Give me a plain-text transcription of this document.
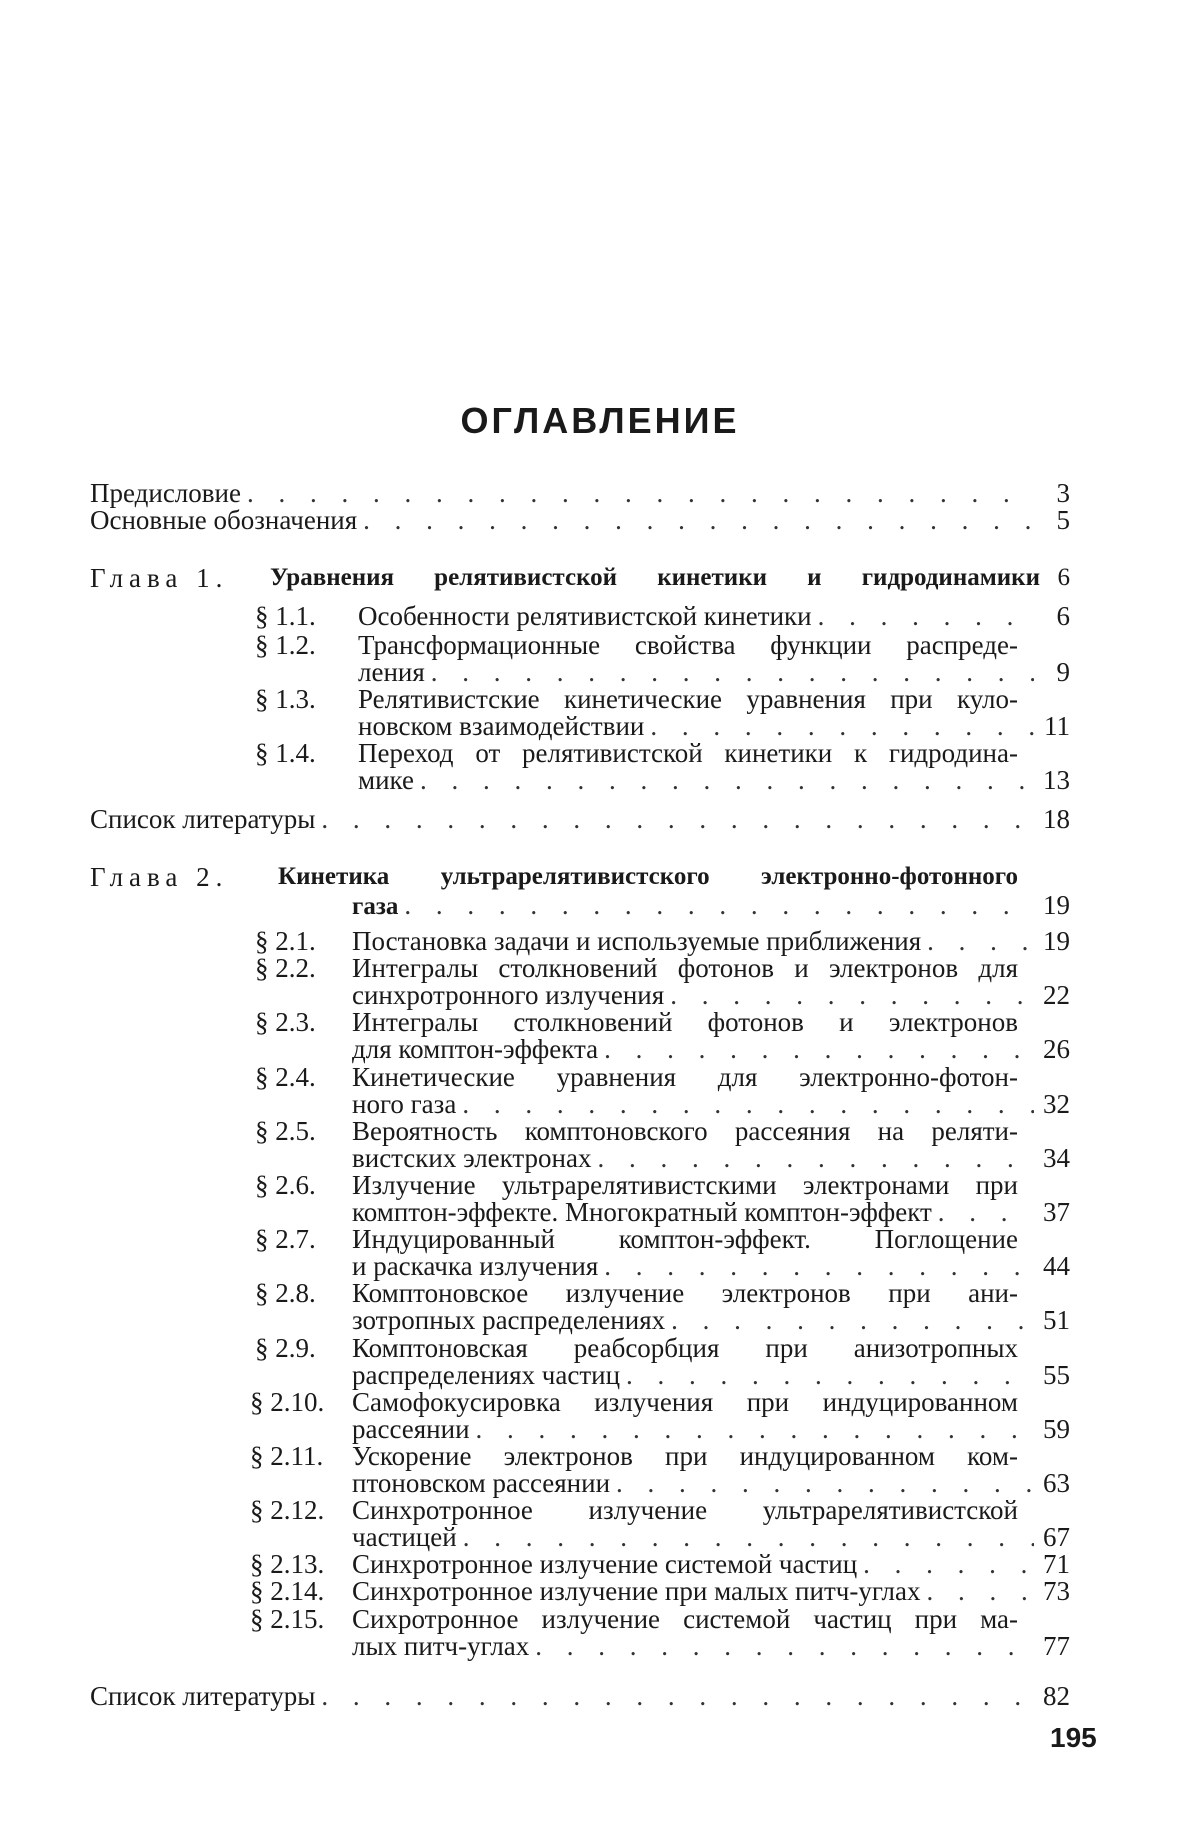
ОГЛАВЛЕНИЕ
Предисловие . . .	3
Основные обозначения . . .	5
Глава 1. Уравнения релятивистской кинетики и гидродинамики 6
§ 1.1. Особенности релятивистской кинетики . . .	6
§ 1.2. Трансформационные свойства функции распреде-
ления . . .	9
§ 1.3. Релятивистские кинетические уравнения при куло-
новском взаимодействии . . .	11
§ 1.4. Переход от релятивистской кинетики к гидродина-
мике . . .	13
Список литературы . . .	18
Глава 2. Кинетика ультрарелятивистского электронно-фотонного
газа . . .	19
§ 2.1. Постановка задачи и используемые приближения . . .	19
§ 2.2. Интегралы столкновений фотонов и электронов для
синхротронного излучения . . .	22
§ 2.3. Интегралы столкновений фотонов и электронов
для комптон-эффекта . . .	26
§ 2.4. Кинетические уравнения для электронно-фотон-
ного газа . . .	32
§ 2.5. Вероятность комптоновского рассеяния на реляти-
вистских электронах . . .	34
§ 2.6. Излучение ультрарелятивистскими электронами при
комптон-эффекте. Многократный комптон-эффект . . .	37
§ 2.7. Индуцированный комптон-эффект. Поглощение
и раскачка излучения . . .	44
§ 2.8. Комптоновское излучение электронов при ани-
зотропных распределениях . . .	51
§ 2.9. Комптоновская реабсорбция при анизотропных
распределениях частиц . . .	55
§ 2.10. Самофокусировка излучения при индуцированном
рассеянии . . .	59
§ 2.11. Ускорение электронов при индуцированном ком-
птоновском рассеянии . . .	63
§ 2.12. Синхротронное излучение ультрарелятивистской
частицей . . .	67
§ 2.13. Синхротронное излучение системой частиц . . .	71
§ 2.14. Синхротронное излучение при малых питч-углах . . .	73
§ 2.15. Сихротронное излучение системой частиц при ма-
лых питч-углах . . .	77
Список литературы . . .	82
195
